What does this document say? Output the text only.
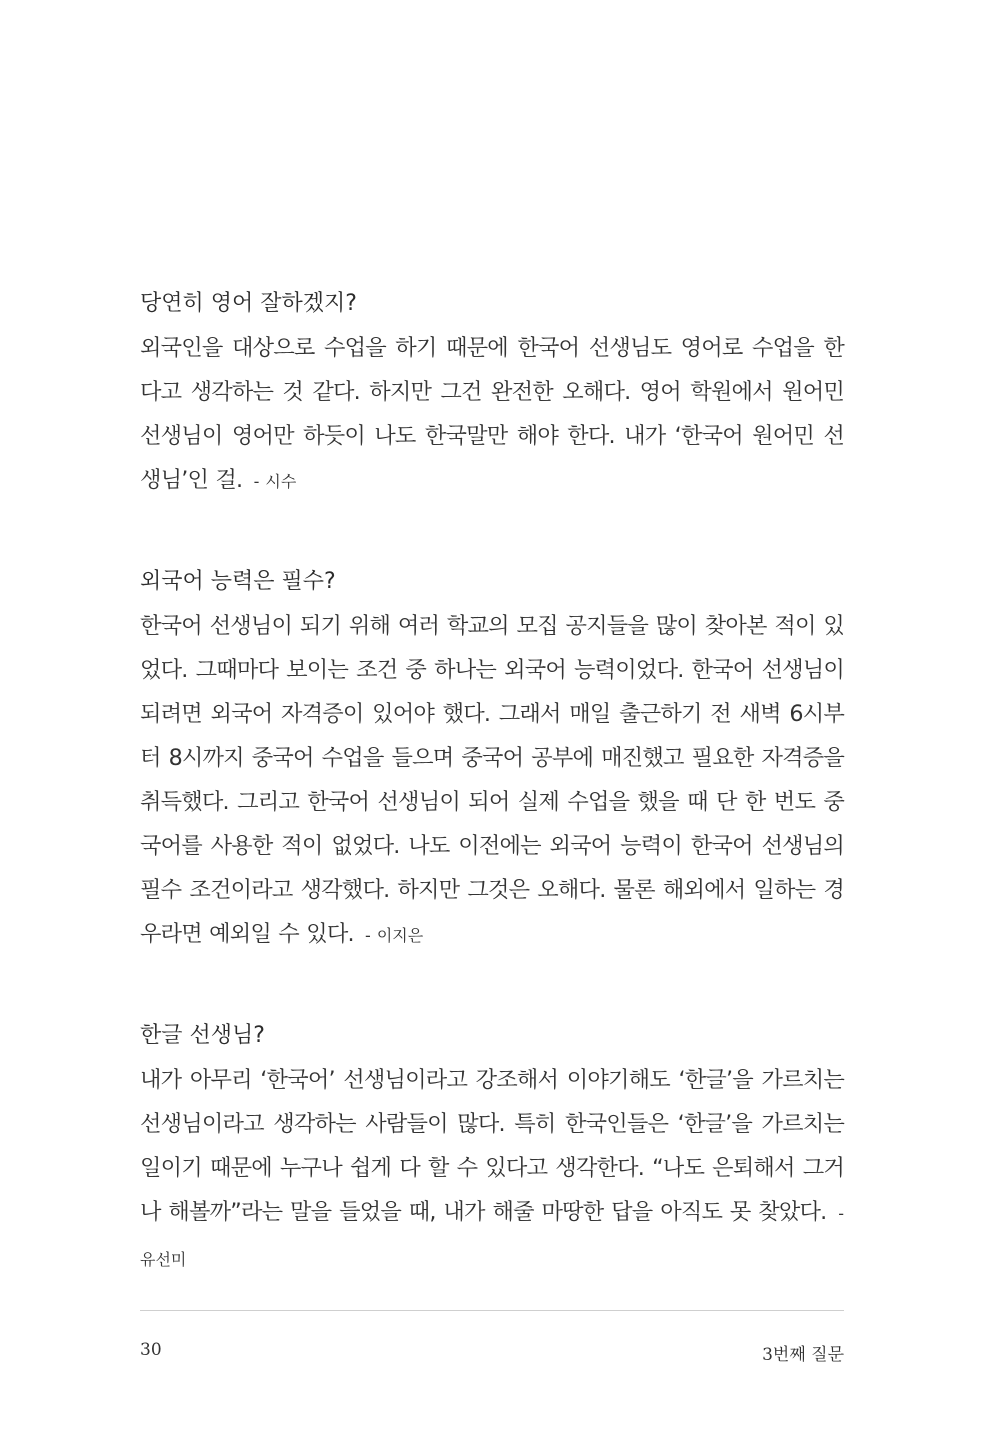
당연히 영어 잘하겠지?

외국인을 대상으로 수업을 하기 때문에 한국어 선생님도 영어로 수업을 한다고 생각하는 것 같다. 하지만 그건 완전한 오해다. 영어 학원에서 원어민 선생님이 영어만 하듯이 나도 한국말만 해야 한다. 내가 ‘한국어 원어민 선생님’인 걸. - 시수

외국어 능력은 필수?

한국어 선생님이 되기 위해 여러 학교의 모집 공지들을 많이 찾아본 적이 있었다. 그때마다 보이는 조건 중 하나는 외국어 능력이었다. 한국어 선생님이 되려면 외국어 자격증이 있어야 했다. 그래서 매일 출근하기 전 새벽 6시부터 8시까지 중국어 수업을 들으며 중국어 공부에 매진했고 필요한 자격증을 취득했다. 그리고 한국어 선생님이 되어 실제 수업을 했을 때 단 한 번도 중국어를 사용한 적이 없었다. 나도 이전에는 외국어 능력이 한국어 선생님의 필수 조건이라고 생각했다. 하지만 그것은 오해다. 물론 해외에서 일하는 경우라면 예외일 수 있다. - 이지은

한글 선생님?

내가 아무리 ‘한국어’ 선생님이라고 강조해서 이야기해도 ‘한글’을 가르치는 선생님이라고 생각하는 사람들이 많다. 특히 한국인들은 ‘한글’을 가르치는 일이기 때문에 누구나 쉽게 다 할 수 있다고 생각한다. “나도 은퇴해서 그거나 해볼까”라는 말을 들었을 때, 내가 해줄 마땅한 답을 아직도 못 찾았다. - 유선미

30	3번째 질문
